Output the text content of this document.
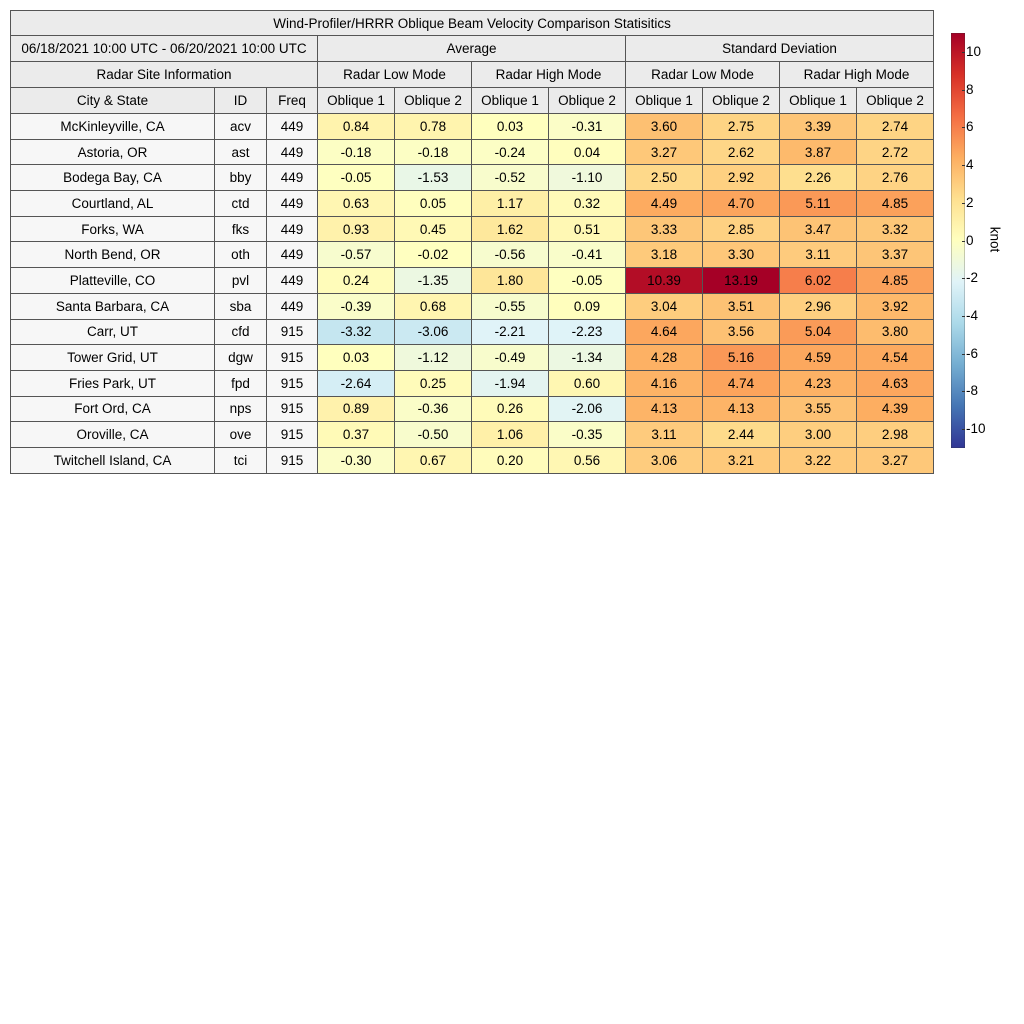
Wind-Profiler/HRRR Oblique Beam Velocity Comparison Statisitics										
06/18/2021 10:00 UTC - 06/20/2021 10:00 UTC			Average				Standard Deviation			
Radar Site Information			Radar Low Mode		Radar High Mode		Radar Low Mode		Radar High Mode	
City & State	ID	Freq	Oblique 1	Oblique 2	Oblique 1	Oblique 2	Oblique 1	Oblique 2	Oblique 1	Oblique 2
McKinleyville, CA	acv	449	0.84	0.78	0.03	-0.31	3.60	2.75	3.39	2.74
Astoria, OR	ast	449	-0.18	-0.18	-0.24	0.04	3.27	2.62	3.87	2.72
Bodega Bay, CA	bby	449	-0.05	-1.53	-0.52	-1.10	2.50	2.92	2.26	2.76
Courtland, AL	ctd	449	0.63	0.05	1.17	0.32	4.49	4.70	5.11	4.85
Forks, WA	fks	449	0.93	0.45	1.62	0.51	3.33	2.85	3.47	3.32
North Bend, OR	oth	449	-0.57	-0.02	-0.56	-0.41	3.18	3.30	3.11	3.37
Platteville, CO	pvl	449	0.24	-1.35	1.80	-0.05	10.39	13.19	6.02	4.85
Santa Barbara, CA	sba	449	-0.39	0.68	-0.55	0.09	3.04	3.51	2.96	3.92
Carr, UT	cfd	915	-3.32	-3.06	-2.21	-2.23	4.64	3.56	5.04	3.80
Tower Grid, UT	dgw	915	0.03	-1.12	-0.49	-1.34	4.28	5.16	4.59	4.54
Fries Park, UT	fpd	915	-2.64	0.25	-1.94	0.60	4.16	4.74	4.23	4.63
Fort Ord, CA	nps	915	0.89	-0.36	0.26	-2.06	4.13	4.13	3.55	4.39
Oroville, CA	ove	915	0.37	-0.50	1.06	-0.35	3.11	2.44	3.00	2.98
Twitchell Island, CA	tci	915	-0.30	0.67	0.20	0.56	3.06	3.21	3.22	3.27
10
8
6
4
2
0
-2
-4
-6
-8
-10
knot
